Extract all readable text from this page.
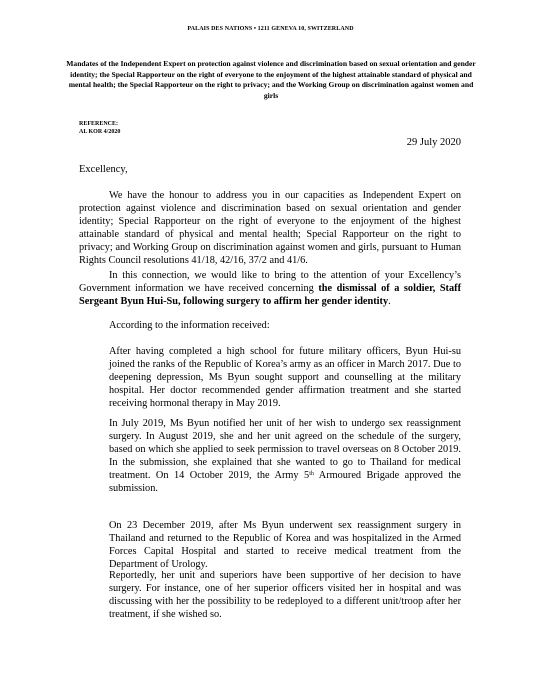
PALAIS DES NATIONS • 1211 GENEVA 10, SWITZERLAND
Mandates of the Independent Expert on protection against violence and discrimination based on sexual orientation and gender identity; the Special Rapporteur on the right of everyone to the enjoyment of the highest attainable standard of physical and mental health; the Special Rapporteur on the right to privacy; and the Working Group on discrimination against women and girls
REFERENCE:
AL KOR 4/2020
29 July 2020
Excellency,
We have the honour to address you in our capacities as Independent Expert on protection against violence and discrimination based on sexual orientation and gender identity; Special Rapporteur on the right of everyone to the enjoyment of the highest attainable standard of physical and mental health; Special Rapporteur on the right to privacy; and Working Group on discrimination against women and girls, pursuant to Human Rights Council resolutions 41/18, 42/16, 37/2 and 41/6.
In this connection, we would like to bring to the attention of your Excellency’s Government information we have received concerning the dismissal of a soldier, Staff Sergeant Byun Hui-Su, following surgery to affirm her gender identity.
According to the information received:
After having completed a high school for future military officers, Byun Hui-su joined the ranks of the Republic of Korea’s army as an officer in March 2017. Due to deepening depression, Ms Byun sought support and counselling at the military hospital. Her doctor recommended gender affirmation treatment and she started receiving hormonal therapy in May 2019.
In July 2019, Ms Byun notified her unit of her wish to undergo sex reassignment surgery. In August 2019, she and her unit agreed on the schedule of the surgery, based on which she applied to seek permission to travel overseas on 8 October 2019. In the submission, she explained that she wanted to go to Thailand for medical treatment. On 14 October 2019, the Army 5th Armoured Brigade approved the submission.
On 23 December 2019, after Ms Byun underwent sex reassignment surgery in Thailand and returned to the Republic of Korea and was hospitalized in the Armed Forces Capital Hospital and started to receive medical treatment from the Department of Urology.
Reportedly, her unit and superiors have been supportive of her decision to have surgery. For instance, one of her superior officers visited her in hospital and was discussing with her the possibility to be redeployed to a different unit/troop after her treatment, if she wished so.
